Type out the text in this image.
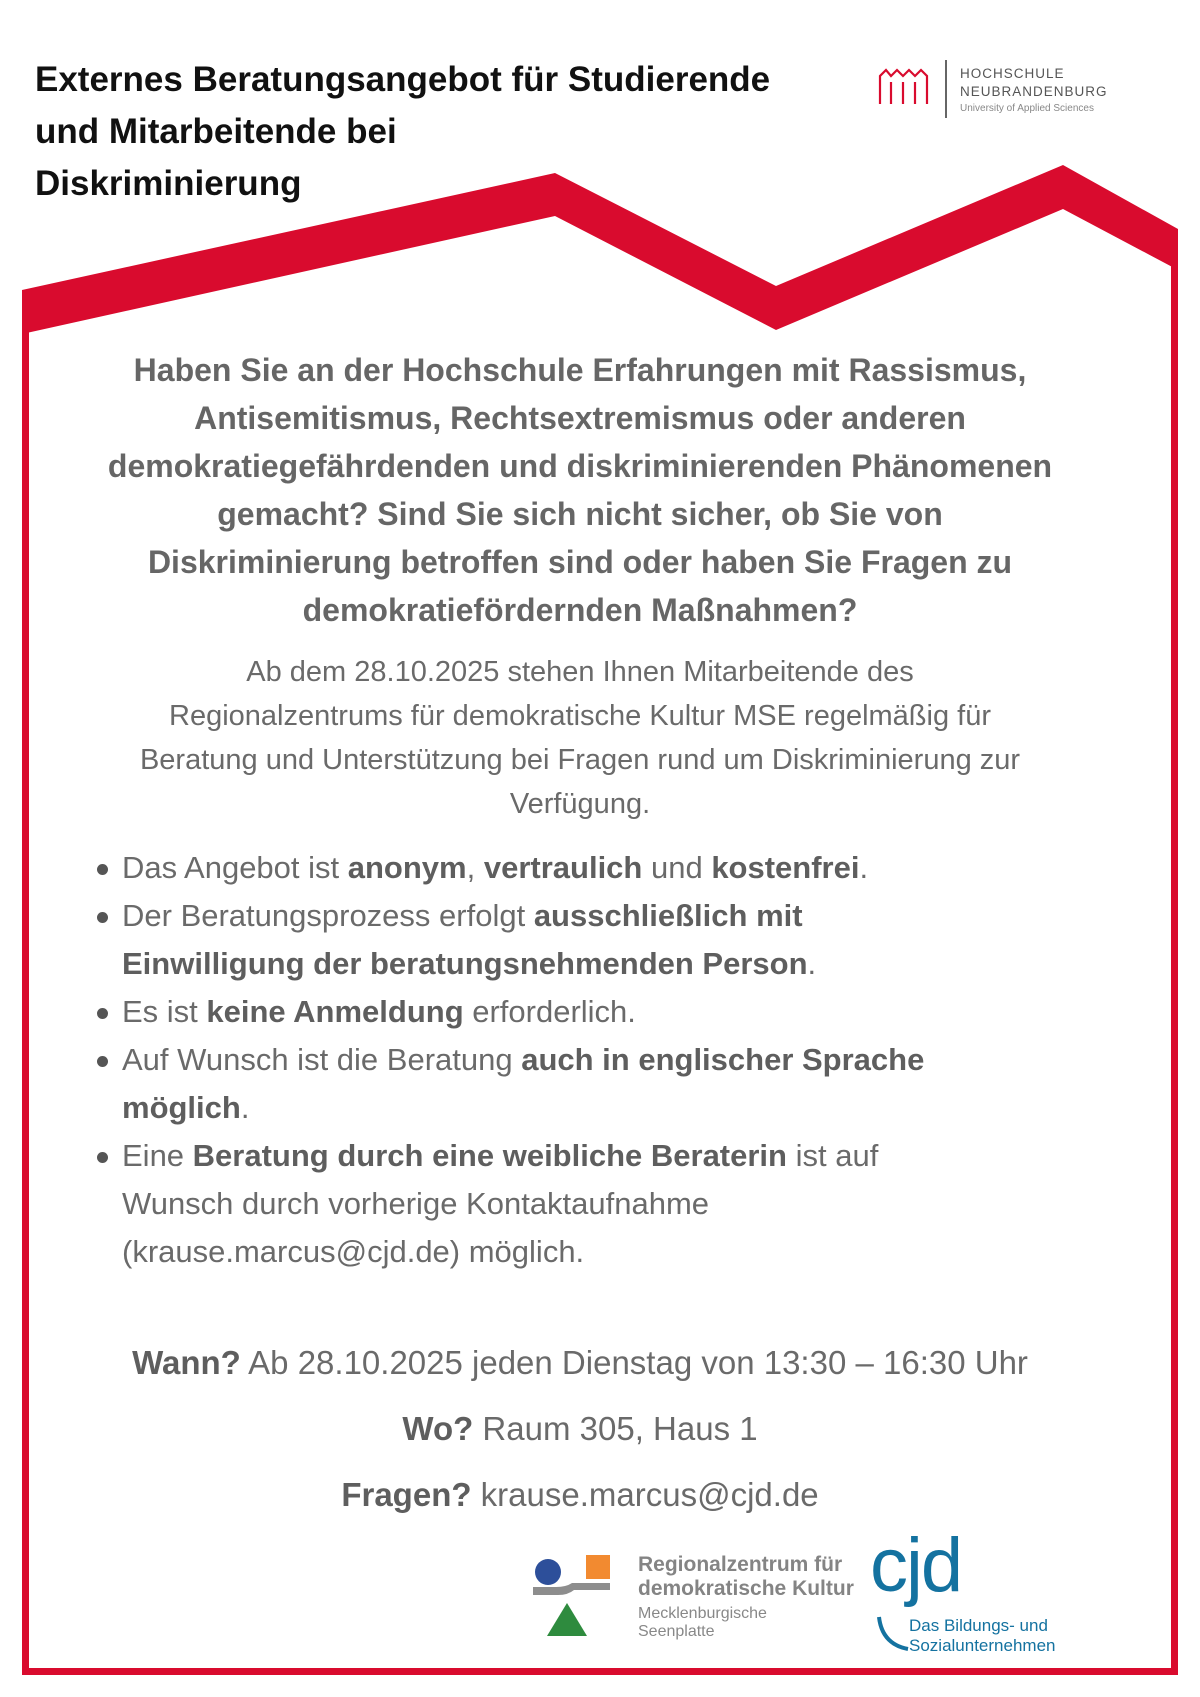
Externes Beratungsangebot für Studierende
und Mitarbeitende bei
Diskriminierung
HOCHSCHULE
NEUBRANDENBURG
University of Applied Sciences
Haben Sie an der Hochschule Erfahrungen mit Rassismus,
Antisemitismus, Rechtsextremismus oder anderen
demokratiegefährdenden und diskriminierenden Phänomenen
gemacht? Sind Sie sich nicht sicher, ob Sie von
Diskriminierung betroffen sind oder haben Sie Fragen zu
demokratiefördernden Maßnahmen?
Ab dem 28.10.2025 stehen Ihnen Mitarbeitende des
Regionalzentrums für demokratische Kultur MSE regelmäßig für
Beratung und Unterstützung bei Fragen rund um Diskriminierung zur
Verfügung.
Das Angebot ist anonym, vertraulich und kostenfrei.
Der Beratungsprozess erfolgt ausschließlich mit
Einwilligung der beratungsnehmenden Person.
Es ist keine Anmeldung erforderlich.
Auf Wunsch ist die Beratung auch in englischer Sprache
möglich.
Eine Beratung durch eine weibliche Beraterin ist auf
Wunsch durch vorherige Kontaktaufnahme
(krause.marcus@cjd.de) möglich.
Wann? Ab 28.10.2025 jeden Dienstag von 13:30 – 16:30 Uhr
Wo? Raum 305, Haus 1
Fragen? krause.marcus@cjd.de
Regionalzentrum für
demokratische Kultur
Mecklenburgische
Seenplatte
cjd
Das Bildungs- und
Sozialunternehmen
